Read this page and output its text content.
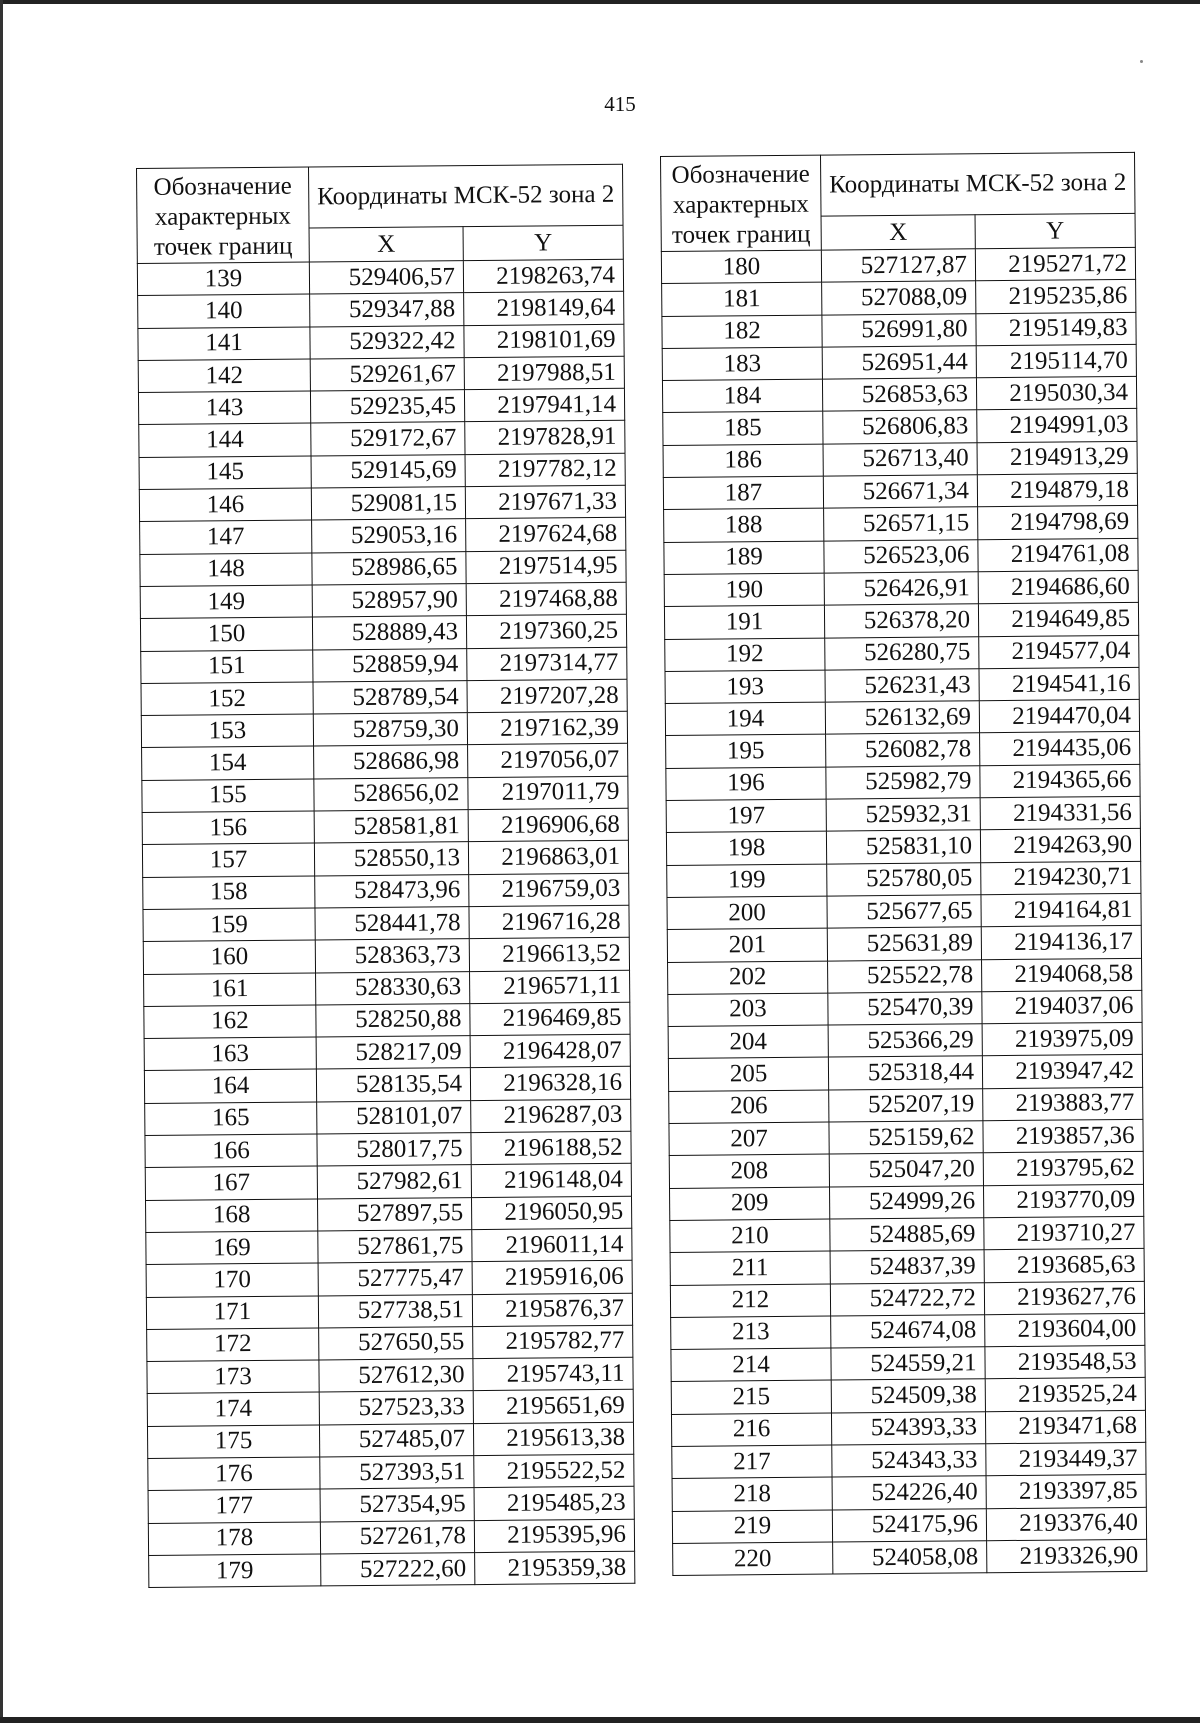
415
Обозначение характерных точек границ	Координаты МСК-52 зона 2	
	X	Y
139	529406,57	2198263,74
140	529347,88	2198149,64
141	529322,42	2198101,69
142	529261,67	2197988,51
143	529235,45	2197941,14
144	529172,67	2197828,91
145	529145,69	2197782,12
146	529081,15	2197671,33
147	529053,16	2197624,68
148	528986,65	2197514,95
149	528957,90	2197468,88
150	528889,43	2197360,25
151	528859,94	2197314,77
152	528789,54	2197207,28
153	528759,30	2197162,39
154	528686,98	2197056,07
155	528656,02	2197011,79
156	528581,81	2196906,68
157	528550,13	2196863,01
158	528473,96	2196759,03
159	528441,78	2196716,28
160	528363,73	2196613,52
161	528330,63	2196571,11
162	528250,88	2196469,85
163	528217,09	2196428,07
164	528135,54	2196328,16
165	528101,07	2196287,03
166	528017,75	2196188,52
167	527982,61	2196148,04
168	527897,55	2196050,95
169	527861,75	2196011,14
170	527775,47	2195916,06
171	527738,51	2195876,37
172	527650,55	2195782,77
173	527612,30	2195743,11
174	527523,33	2195651,69
175	527485,07	2195613,38
176	527393,51	2195522,52
177	527354,95	2195485,23
178	527261,78	2195395,96
179	527222,60	2195359,38
Обозначение характерных точек границ	Координаты МСК-52 зона 2	
	X	Y
180	527127,87	2195271,72
181	527088,09	2195235,86
182	526991,80	2195149,83
183	526951,44	2195114,70
184	526853,63	2195030,34
185	526806,83	2194991,03
186	526713,40	2194913,29
187	526671,34	2194879,18
188	526571,15	2194798,69
189	526523,06	2194761,08
190	526426,91	2194686,60
191	526378,20	2194649,85
192	526280,75	2194577,04
193	526231,43	2194541,16
194	526132,69	2194470,04
195	526082,78	2194435,06
196	525982,79	2194365,66
197	525932,31	2194331,56
198	525831,10	2194263,90
199	525780,05	2194230,71
200	525677,65	2194164,81
201	525631,89	2194136,17
202	525522,78	2194068,58
203	525470,39	2194037,06
204	525366,29	2193975,09
205	525318,44	2193947,42
206	525207,19	2193883,77
207	525159,62	2193857,36
208	525047,20	2193795,62
209	524999,26	2193770,09
210	524885,69	2193710,27
211	524837,39	2193685,63
212	524722,72	2193627,76
213	524674,08	2193604,00
214	524559,21	2193548,53
215	524509,38	2193525,24
216	524393,33	2193471,68
217	524343,33	2193449,37
218	524226,40	2193397,85
219	524175,96	2193376,40
220	524058,08	2193326,90
